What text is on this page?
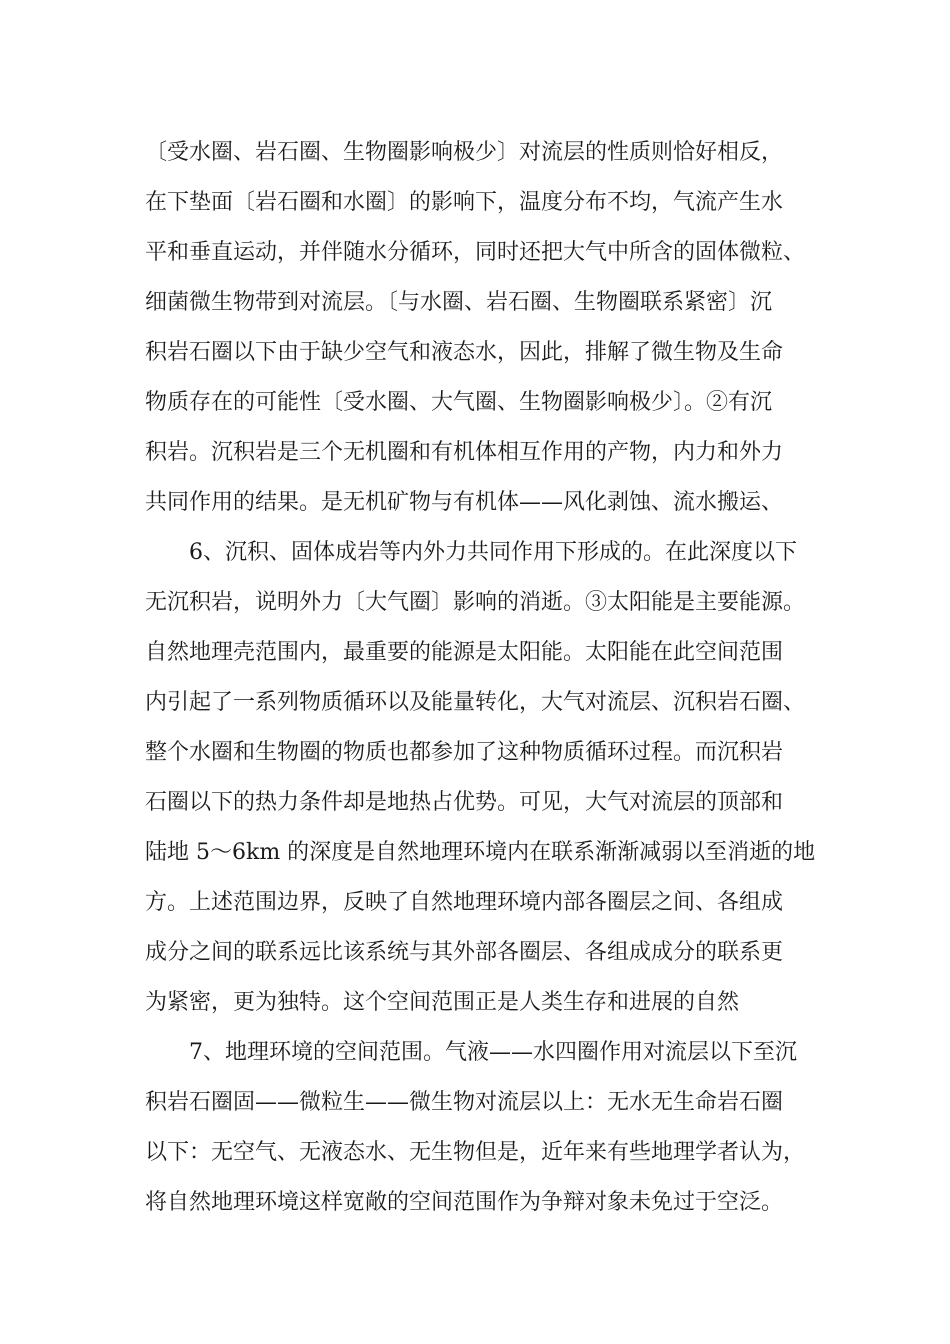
〔受水圈、岩石圈、生物圈影响极少〕对流层的性质则恰好相反，
在下垫面〔岩石圈和水圈〕的影响下，温度分布不均，气流产生水
平和垂直运动，并伴随水分循环，同时还把大气中所含的固体微粒、
细菌微生物带到对流层。〔与水圈、岩石圈、生物圈联系紧密〕沉
积岩石圈以下由于缺少空气和液态水，因此，排解了微生物及生命
物质存在的可能性〔受水圈、大气圈、生物圈影响极少〕。②有沉
积岩。沉积岩是三个无机圈和有机体相互作用的产物，内力和外力
共同作用的结果。是无机矿物与有机体——风化剥蚀、流水搬运、
6、沉积、固体成岩等内外力共同作用下形成的。在此深度以下
无沉积岩，说明外力〔大气圈〕影响的消逝。③太阳能是主要能源。
自然地理壳范围内，最重要的能源是太阳能。太阳能在此空间范围
内引起了一系列物质循环以及能量转化，大气对流层、沉积岩石圈、
整个水圈和生物圈的物质也都参加了这种物质循环过程。而沉积岩
石圈以下的热力条件却是地热占优势。可见，大气对流层的顶部和
陆地 5～6km 的深度是自然地理环境内在联系渐渐减弱以至消逝的地
方。上述范围边界，反映了自然地理环境内部各圈层之间、各组成
成分之间的联系远比该系统与其外部各圈层、各组成成分的联系更
为紧密，更为独特。这个空间范围正是人类生存和进展的自然
7、地理环境的空间范围。气液——水四圈作用对流层以下至沉
积岩石圈固——微粒生——微生物对流层以上：无水无生命岩石圈
以下：无空气、无液态水、无生物但是，近年来有些地理学者认为，
将自然地理环境这样宽敞的空间范围作为争辩对象未免过于空泛。
